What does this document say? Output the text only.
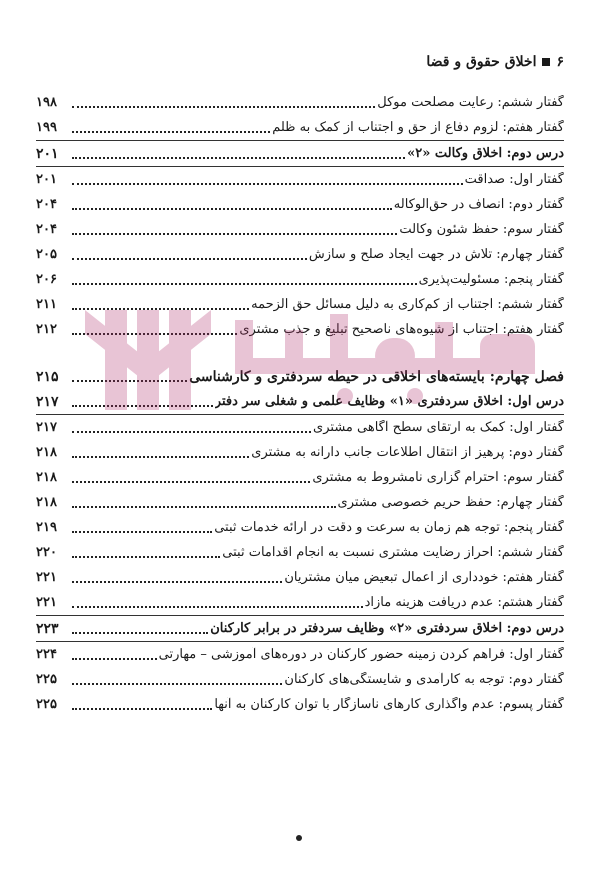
۶
اخلاق حقوق و قضا
گفتار ششم: رعایت مصلحت موکل
۱۹۸
گفتار هفتم: لزوم دفاع از حق و اجتناب از کمک به ظلم
۱۹۹
درس دوم: اخلاق وکالت «۲»
۲۰۱
گفتار اول: صداقت
۲۰۱
گفتار دوم: انصاف در حق‌الوکاله
۲۰۴
گفتار سوم: حفظ شئون وکالت
۲۰۴
گفتار چهارم: تلاش در جهت ایجاد صلح و سازش
۲۰۵
گفتار پنجم: مسئولیت‌پذیری
۲۰۶
گفتار ششم: اجتناب از کم‌کاری به دلیل مسائل حق الزحمه
۲۱۱
گفتار هفتم: اجتناب از شیوه‌های ناصحیح تبلیغ و جذب مشتری
۲۱۲
فصل چهارم: بایسته‌های اخلاقی در حیطه سردفتری و کارشناسی
۲۱۵
درس اول: اخلاق سردفتری «۱» وظایف علمی و شغلی سر دفتر
۲۱۷
گفتار اول: کمک به ارتقای سطح آگاهی مشتری
۲۱۷
گفتار دوم: پرهیز از انتقال اطلاعات جانب دارانه به مشتری
۲۱۸
گفتار سوم: احترام گزاری نامشروط به مشتری
۲۱۸
گفتار چهارم: حفظ حریم خصوصی مشتری
۲۱۸
گفتار پنجم: توجه هم زمان به سرعت و دقت در ارائه خدمات ثبتی
۲۱۹
گفتار ششم: احراز رضایت مشتری نسبت به انجام اقدامات ثبتی
۲۲۰
گفتار هفتم: خودداری از اعمال تبعیض میان مشتریان
۲۲۱
گفتار هشتم: عدم دریافت هزینه مازاد
۲۲۱
درس دوم: اخلاق سردفتری «۲» وظایف سردفتر در برابر کارکنان
۲۲۳
گفتار اول: فراهم کردن زمینه حضور کارکنان در دوره‌های آموزشی – مهارتی
۲۲۴
گفتار دوم: توجه به کارآمدی و شایستگی‌های کارکنان
۲۲۵
گفتار پسوم: عدم واگذاری کارهای ناسازگار با توان کارکنان به آنها
۲۲۵
